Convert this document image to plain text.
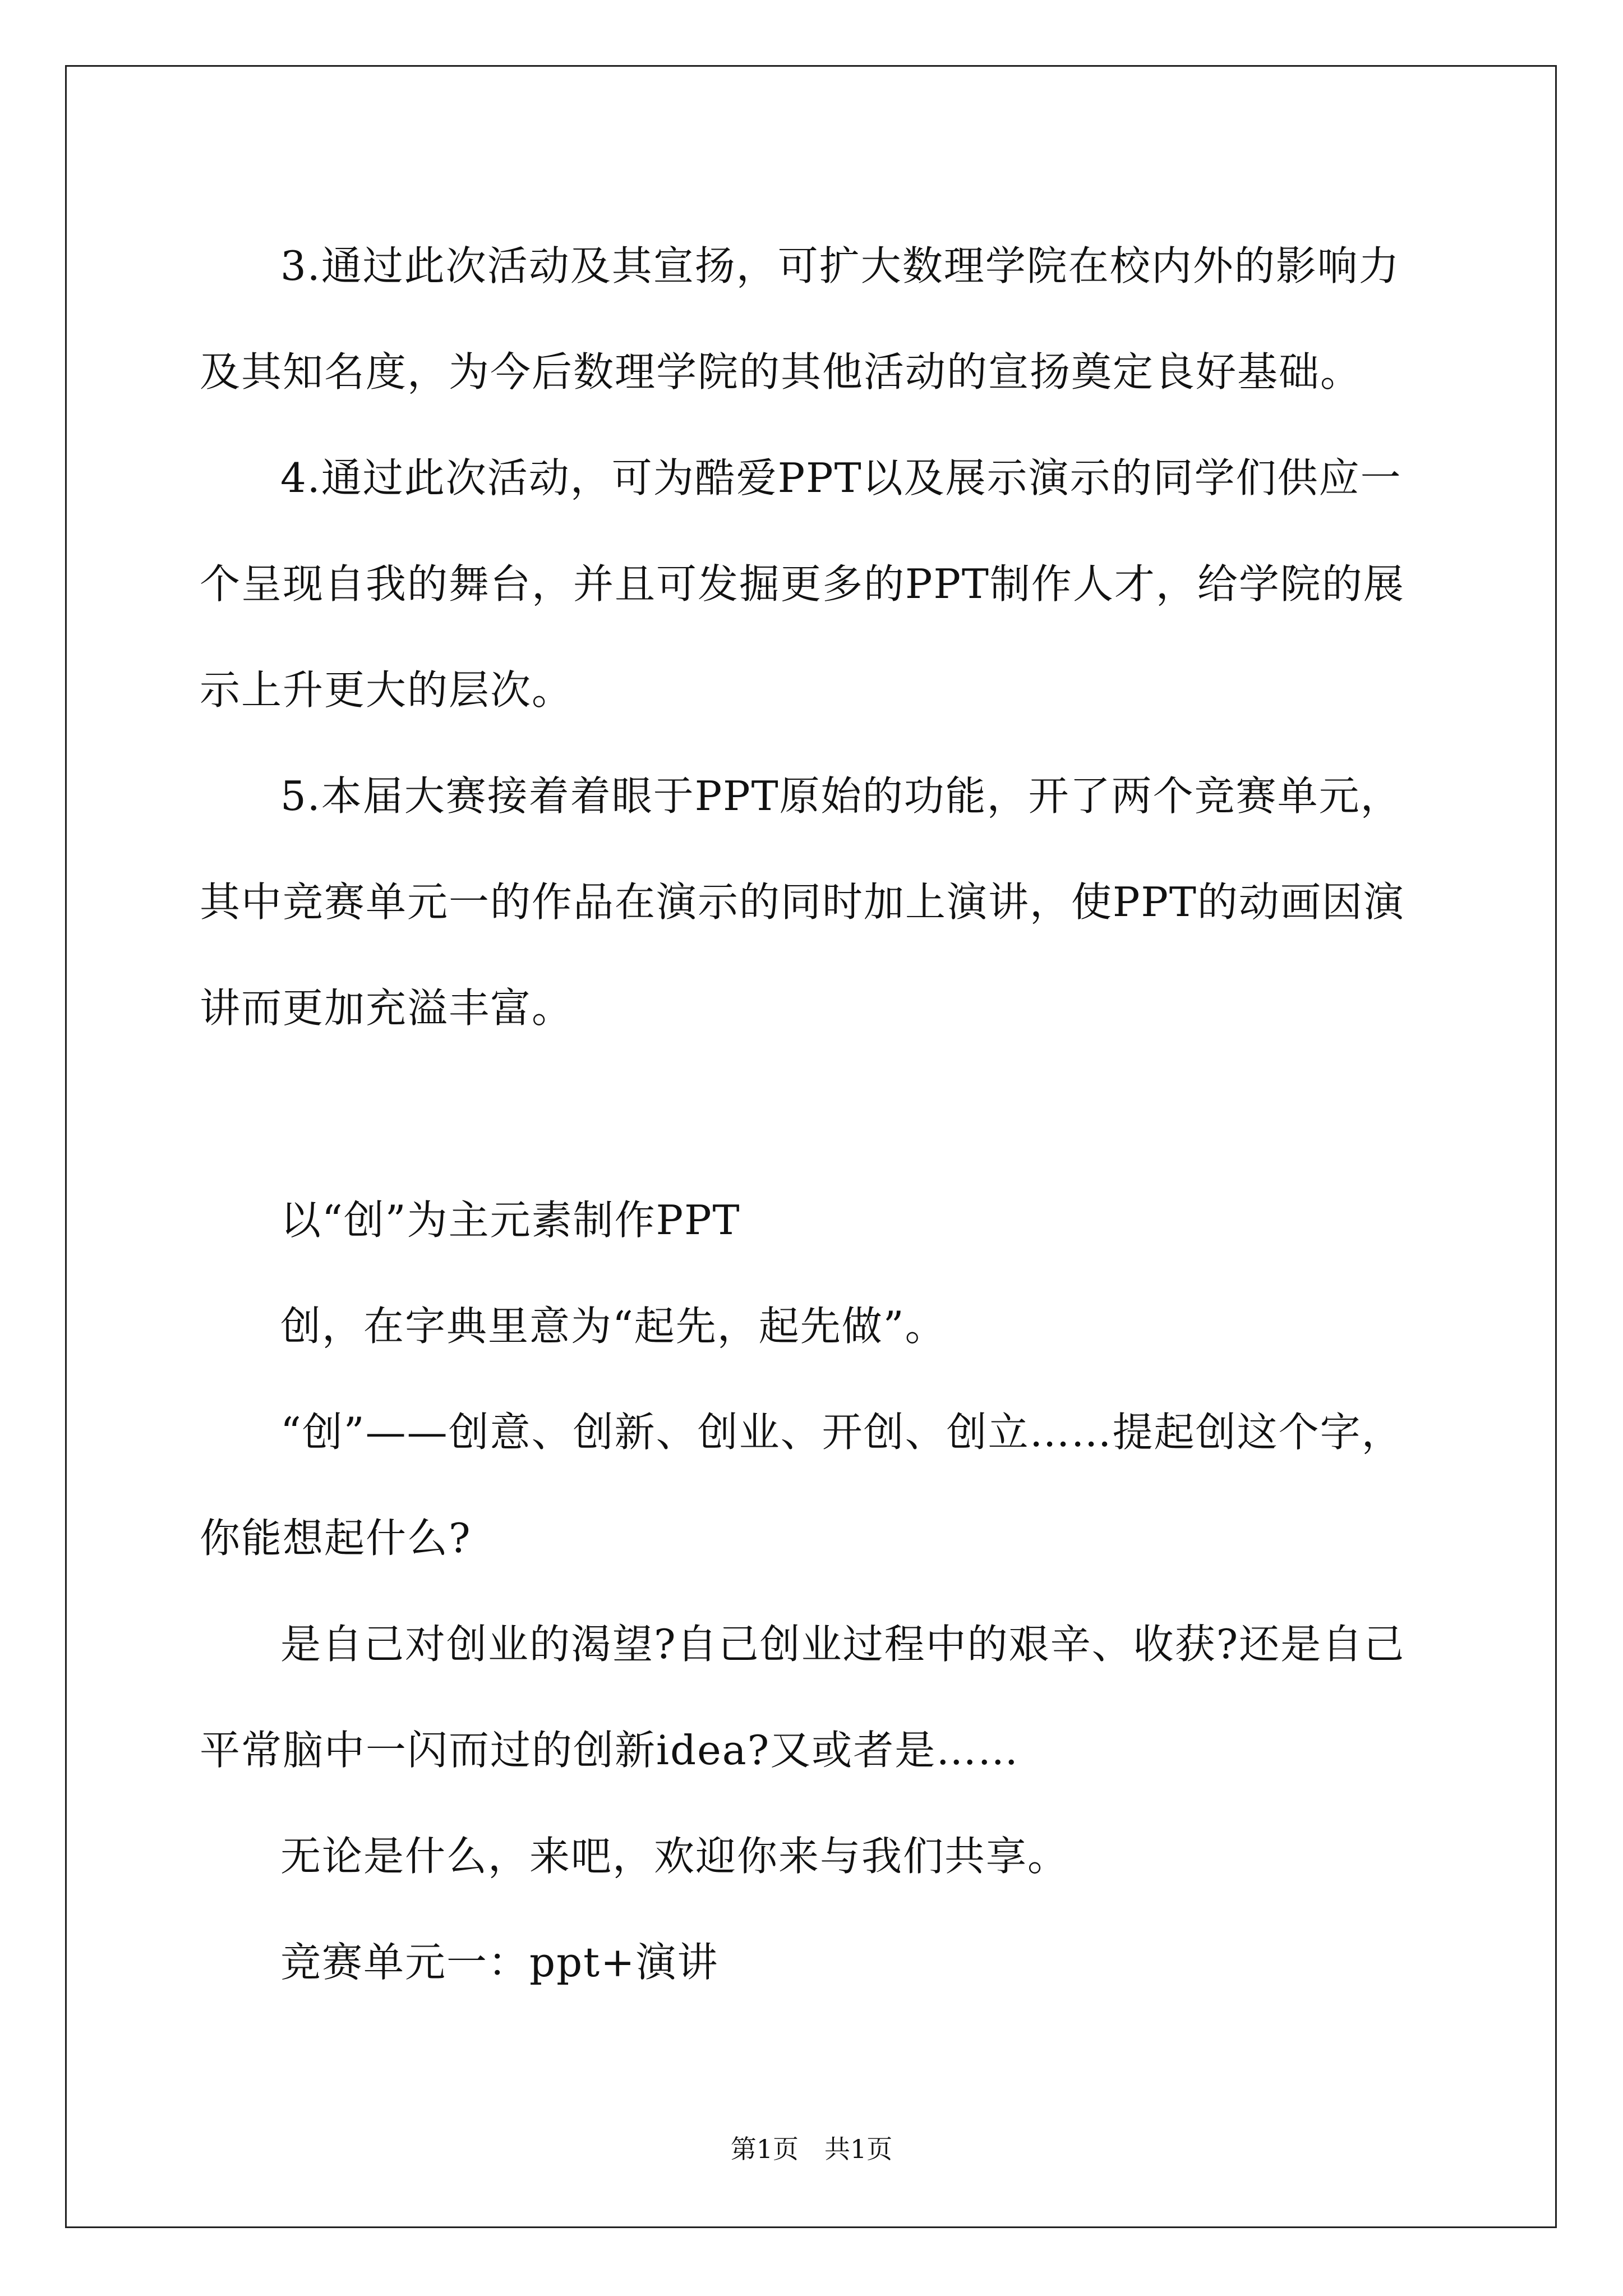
3.通过此次活动及其宣扬，可扩大数理学院在校内外的影响力及其知名度，为今后数理学院的其他活动的宣扬奠定良好基础。

4.通过此次活动，可为酷爱PPT以及展示演示的同学们供应一个呈现自我的舞台，并且可发掘更多的PPT制作人才，给学院的展示上升更大的层次。

5.本届大赛接着着眼于PPT原始的功能，开了两个竞赛单元，其中竞赛单元一的作品在演示的同时加上演讲，使PPT的动画因演讲而更加充溢丰富。

以“创”为主元素制作PPT

创，在字典里意为“起先，起先做”。

“创”——创意、创新、创业、开创、创立……提起创这个字，你能想起什么?

是自己对创业的渴望?自己创业过程中的艰辛、收获?还是自己平常脑中一闪而过的创新idea?又或者是……

无论是什么，来吧，欢迎你来与我们共享。

竞赛单元一：ppt+演讲

第1页　共1页
